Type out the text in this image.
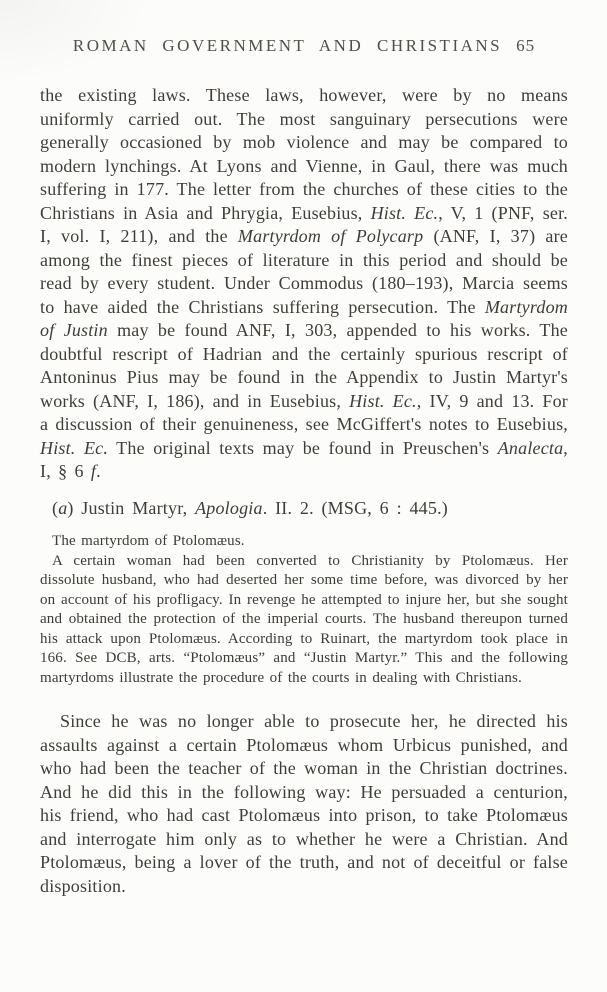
ROMAN GOVERNMENT AND CHRISTIANS 65

the existing laws. These laws, however, were by no means uniformly carried out. The most sanguinary persecutions were generally occasioned by mob violence and may be compared to modern lynchings. At Lyons and Vienne, in Gaul, there was much suffering in 177. The letter from the churches of these cities to the Christians in Asia and Phrygia, Eusebius, Hist. Ec., V, 1 (PNF, ser. I, vol. I, 211), and the Martyrdom of Polycarp (ANF, I, 37) are among the finest pieces of literature in this period and should be read by every student. Under Commodus (180–193), Marcia seems to have aided the Christians suffering persecution. The Martyrdom of Justin may be found ANF, I, 303, appended to his works. The doubtful rescript of Hadrian and the certainly spurious rescript of Antoninus Pius may be found in the Appendix to Justin Martyr's works (ANF, I, 186), and in Eusebius, Hist. Ec., IV, 9 and 13. For a discussion of their genuineness, see McGiffert's notes to Eusebius, Hist. Ec. The original texts may be found in Preuschen's Analecta, I, § 6 f.

(a) Justin Martyr, Apologia. II. 2. (MSG, 6 : 445.)

The martyrdom of Ptolomæus.

A certain woman had been converted to Christianity by Ptolomæus. Her dissolute husband, who had deserted her some time before, was divorced by her on account of his profligacy. In revenge he attempted to injure her, but she sought and obtained the protection of the imperial courts. The husband thereupon turned his attack upon Ptolomæus. According to Ruinart, the martyrdom took place in 166. See DCB, arts. “Ptolomæus” and “Justin Martyr.” This and the following martyrdoms illustrate the procedure of the courts in dealing with Christians.

Since he was no longer able to prosecute her, he directed his assaults against a certain Ptolomæus whom Urbicus punished, and who had been the teacher of the woman in the Christian doctrines. And he did this in the following way: He persuaded a centurion, his friend, who had cast Ptolomæus into prison, to take Ptolomæus and interrogate him only as to whether he were a Christian. And Ptolomæus, being a lover of the truth, and not of deceitful or false disposition.
